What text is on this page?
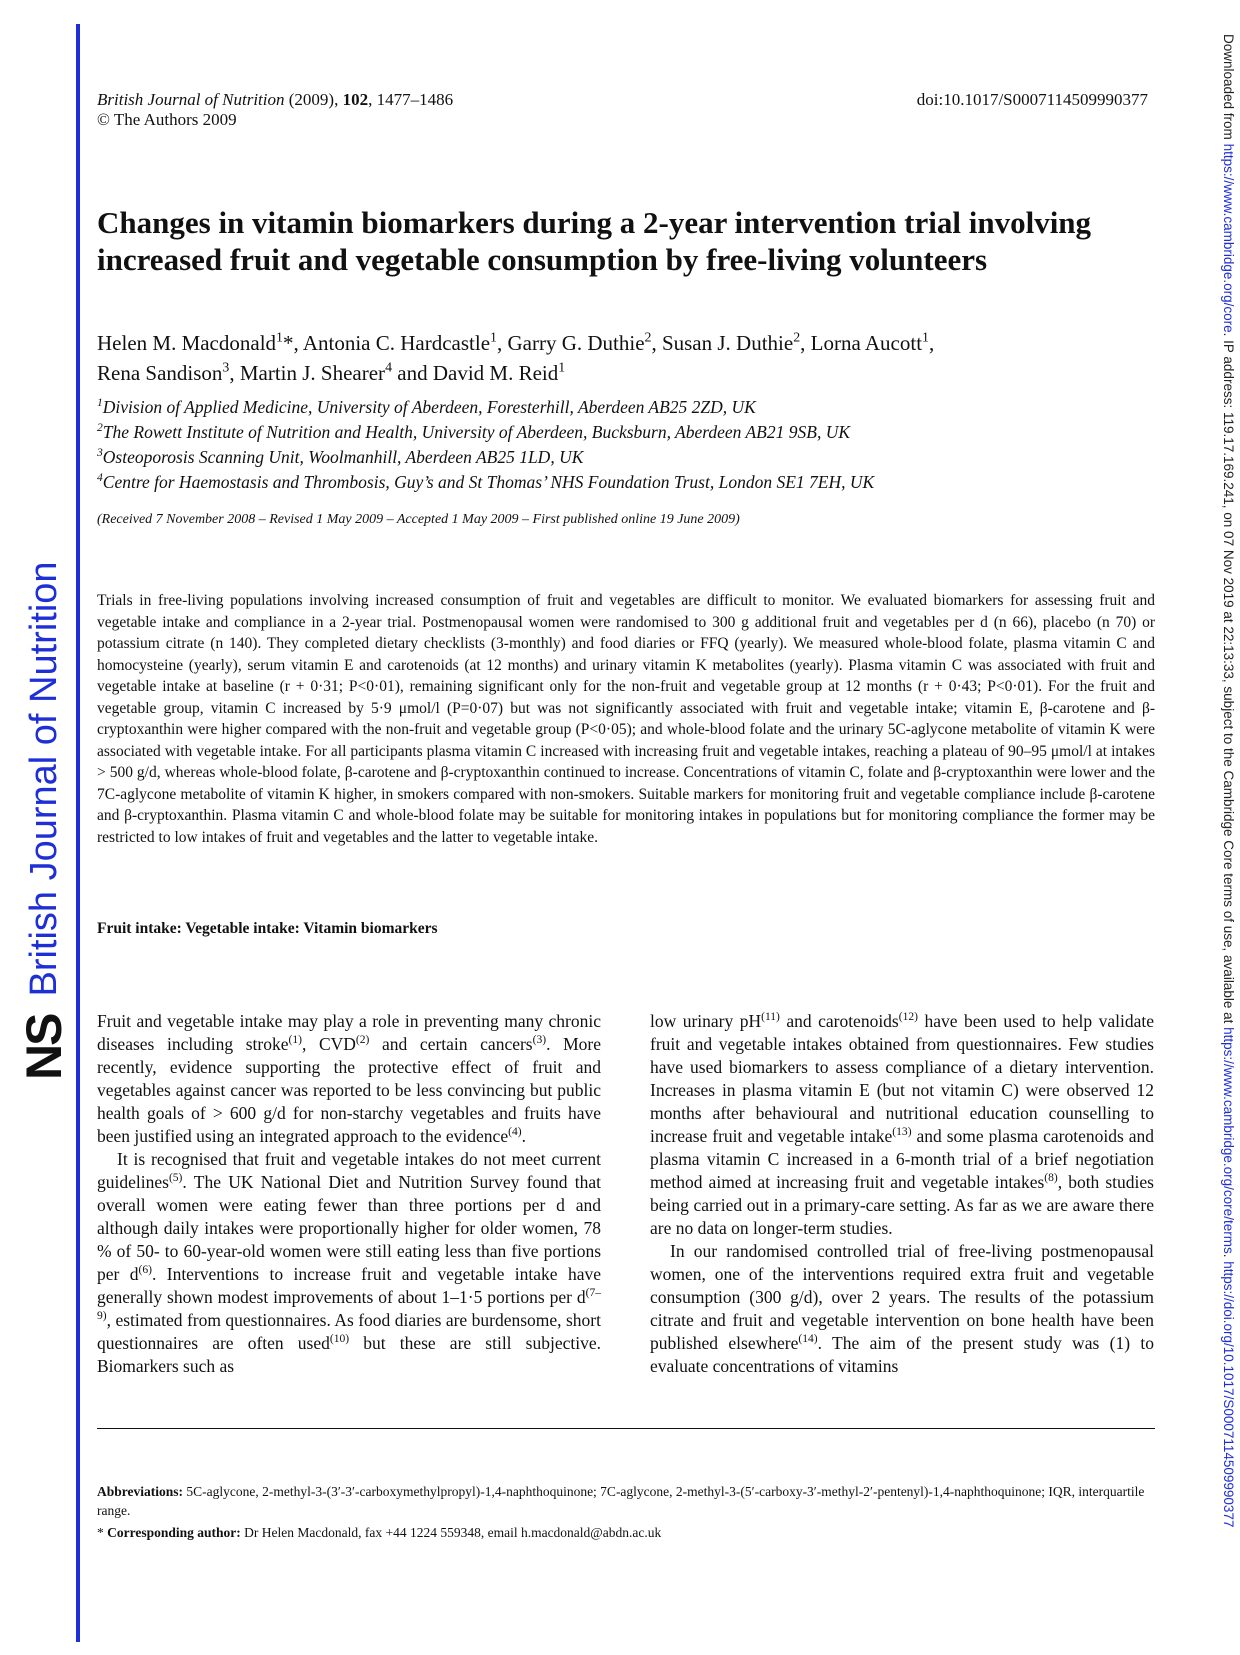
NS
British Journal of Nutrition
Downloaded from https://www.cambridge.org/core. IP address: 119.17.169.241, on 07 Nov 2019 at 22:13:33, subject to the Cambridge Core terms of use, available at https://www.cambridge.org/core/terms. https://doi.org/10.1017/S0007114509990377
British Journal of Nutrition (2009), 102, 1477–1486
© The Authors 2009
doi:10.1017/S0007114509990377
Changes in vitamin biomarkers during a 2-year intervention trial involving increased fruit and vegetable consumption by free-living volunteers
Helen M. Macdonald$^1$*, Antonia C. Hardcastle$^1$, Garry G. Duthie$^2$, Susan J. Duthie$^2$, Lorna Aucott$^1$,
Rena Sandison$^3$, Martin J. Shearer$^4$ and David M. Reid$^1$
$^1$Division of Applied Medicine, University of Aberdeen, Foresterhill, Aberdeen AB25 2ZD, UK
$^2$The Rowett Institute of Nutrition and Health, University of Aberdeen, Bucksburn, Aberdeen AB21 9SB, UK
$^3$Osteoporosis Scanning Unit, Woolmanhill, Aberdeen AB25 1LD, UK
$^4$Centre for Haemostasis and Thrombosis, Guy’s and St Thomas’ NHS Foundation Trust, London SE1 7EH, UK
(Received 7 November 2008 – Revised 1 May 2009 – Accepted 1 May 2009 – First published online 19 June 2009)

Trials in free-living populations involving increased consumption of fruit and vegetables are difficult to monitor. We evaluated biomarkers for assessing fruit and vegetable intake and compliance in a 2-year trial. Postmenopausal women were randomised to 300 g additional fruit and vegetables per d (n 66), placebo (n 70) or potassium citrate (n 140). They completed dietary checklists (3-monthly) and food diaries or FFQ (yearly). We measured whole-blood folate, plasma vitamin C and homocysteine (yearly), serum vitamin E and carotenoids (at 12 months) and urinary vitamin K metabolites (yearly). Plasma vitamin C was associated with fruit and vegetable intake at baseline (r + 0·31; P<0·01), remaining significant only for the non-fruit and vegetable group at 12 months (r + 0·43; P<0·01). For the fruit and vegetable group, vitamin C increased by 5·9 μmol/l (P=0·07) but was not significantly associated with fruit and vegetable intake; vitamin E, β-carotene and β-cryptoxanthin were higher compared with the non-fruit and vegetable group (P<0·05); and whole-blood folate and the urinary 5C-aglycone metabolite of vitamin K were associated with vegetable intake. For all participants plasma vitamin C increased with increasing fruit and vegetable intakes, reaching a plateau of 90–95 μmol/l at intakes > 500 g/d, whereas whole-blood folate, β-carotene and β-cryptoxanthin continued to increase. Concentrations of vitamin C, folate and β-cryptoxanthin were lower and the 7C-aglycone metabolite of vitamin K higher, in smokers compared with non-smokers. Suitable markers for monitoring fruit and vegetable compliance include β-carotene and β-cryptoxanthin. Plasma vitamin C and whole-blood folate may be suitable for monitoring intakes in populations but for monitoring compliance the former may be restricted to low intakes of fruit and vegetables and the latter to vegetable intake.

Fruit intake: Vegetable intake: Vitamin biomarkers

Fruit and vegetable intake may play a role in preventing many chronic diseases including stroke$^{(1)}$, CVD$^{(2)}$ and certain cancers$^{(3)}$. More recently, evidence supporting the protective effect of fruit and vegetables against cancer was reported to be less convincing but public health goals of > 600 g/d for non-starchy vegetables and fruits have been justified using an integrated approach to the evidence$^{(4)}$.

It is recognised that fruit and vegetable intakes do not meet current guidelines$^{(5)}$. The UK National Diet and Nutrition Survey found that overall women were eating fewer than three portions per d and although daily intakes were proportionally higher for older women, 78 % of 50- to 60-year-old women were still eating less than five portions per $d^{(6)}$. Interventions to increase fruit and vegetable intake have generally shown modest improvements of about 1–1·5 portions per $d^{(7-9)}$, estimated from questionnaires. As food diaries are burdensome, short questionnaires are often used$^{(10)}$ but these are still subjective. Biomarkers such as

low urinary $pH^{(11)}$ and carotenoids$^{(12)}$ have been used to help validate fruit and vegetable intakes obtained from questionnaires. Few studies have used biomarkers to assess compliance of a dietary intervention. Increases in plasma vitamin E (but not vitamin C) were observed 12 months after behavioural and nutritional education counselling to increase fruit and vegetable intake$^{(13)}$ and some plasma carotenoids and plasma vitamin C increased in a 6-month trial of a brief negotiation method aimed at increasing fruit and vegetable intakes$^{(8)}$, both studies being carried out in a primary-care setting. As far as we are aware there are no data on longer-term studies.

In our randomised controlled trial of free-living postmenopausal women, one of the interventions required extra fruit and vegetable consumption (300 g/d), over 2 years. The results of the potassium citrate and fruit and vegetable intervention on bone health have been published elsewhere$^{(14)}$. The aim of the present study was (1) to evaluate concentrations of vitamins

Abbreviations: 5C-aglycone, 2-methyl-3-(3′-3′-carboxymethylpropyl)-1,4-naphthoquinone; 7C-aglycone, 2-methyl-3-(5′-carboxy-3′-methyl-2′-pentenyl)-1,4-naphthoquinone; IQR, interquartile range.
* Corresponding author: Dr Helen Macdonald, fax +44 1224 559348, email h.macdonald@abdn.ac.uk
